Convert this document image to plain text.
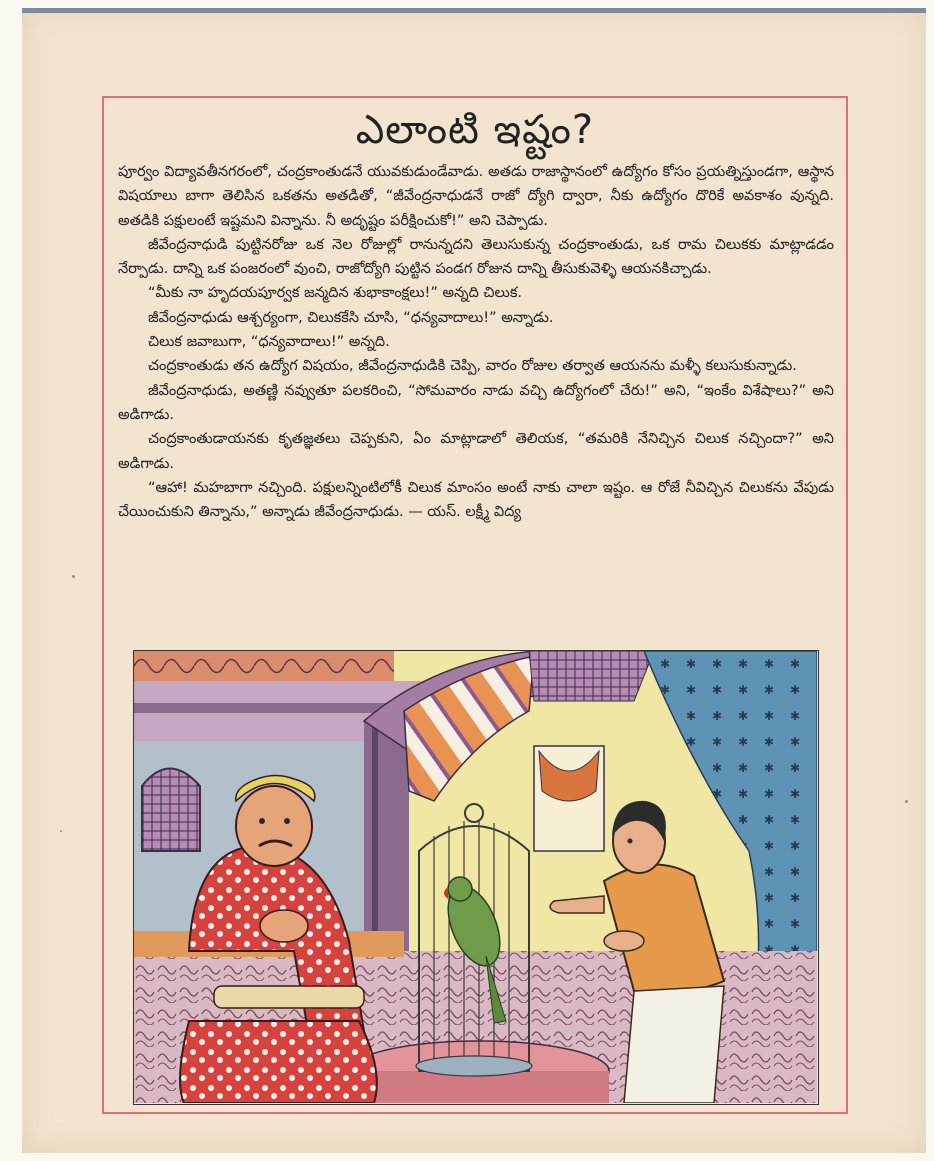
ఎలాంటి ఇష్టం?

పూర్వం విద్యావతీనగరంలో, చంద్రకాంతుడనే యువకుడుండేవాడు. అతడు రాజాస్థానంలో ఉద్యోగం కోసం ప్రయత్నిస్తుండగా, ఆస్థాన విషయాలు బాగా తెలిసిన ఒకతను అతడితో, “జీవేంద్రనాధుడనే రాజో ద్యోగి ద్వారా, నీకు ఉద్యోగం దొరికే అవకాశం వున్నది. అతడికి పక్షులంటే ఇష్టమని విన్నాను. నీ అదృష్టం పరీక్షించుకో!” అని చెప్పాడు.

జీవేంద్రనాధుడి పుట్టినరోజు ఒక నెల రోజుల్లో రానున్నదని తెలుసుకున్న చంద్రకాంతుడు, ఒక రామ చిలుకకు మాట్లాడడం నేర్పాడు. దాన్ని ఒక పంజరంలో వుంచి, రాజోద్యోగి పుట్టిన పండగ రోజున దాన్ని తీసుకువెళ్ళి ఆయనకిచ్చాడు.

“మీకు నా హృదయపూర్వక జన్మదిన శుభాకాంక్షలు!” అన్నది చిలుక.

జీవేంద్రనాధుడు ఆశ్చర్యంగా, చిలుకకేసి చూసి, “ధన్యవాదాలు!” అన్నాడు.

చిలుక జవాబుగా, “ధన్యవాదాలు!” అన్నది.

చంద్రకాంతుడు తన ఉద్యోగ విషయం, జీవేంద్రనాధుడికి చెప్పి, వారం రోజుల తర్వాత ఆయనను మళ్ళీ కలుసుకున్నాడు.

జీవేంద్రనాధుడు, అతణ్ణి నవ్వుతూ పలకరించి, “సోమవారం నాడు వచ్చి ఉద్యోగంలో చేరు!” అని, “ఇంకేం విశేషాలు?” అని అడిగాడు.

చంద్రకాంతుడాయనకు కృతజ్ఞతలు చెప్పకుని, ఏం మాట్లాడాలో తెలియక, “తమరికి నేనిచ్చిన చిలుక నచ్చిందా?” అని అడిగాడు.

“ఆహా! మహబాగా నచ్చింది. పక్షులన్నింటిలోకీ చిలుక మాంసం అంటే నాకు చాలా ఇష్టం. ఆ రోజే నీవిచ్చిన చిలుకను వేపుడు చేయించుకుని తిన్నాను,” అన్నాడు జీవేంద్రనాధుడు. — యస్. లక్ష్మీ విద్య
